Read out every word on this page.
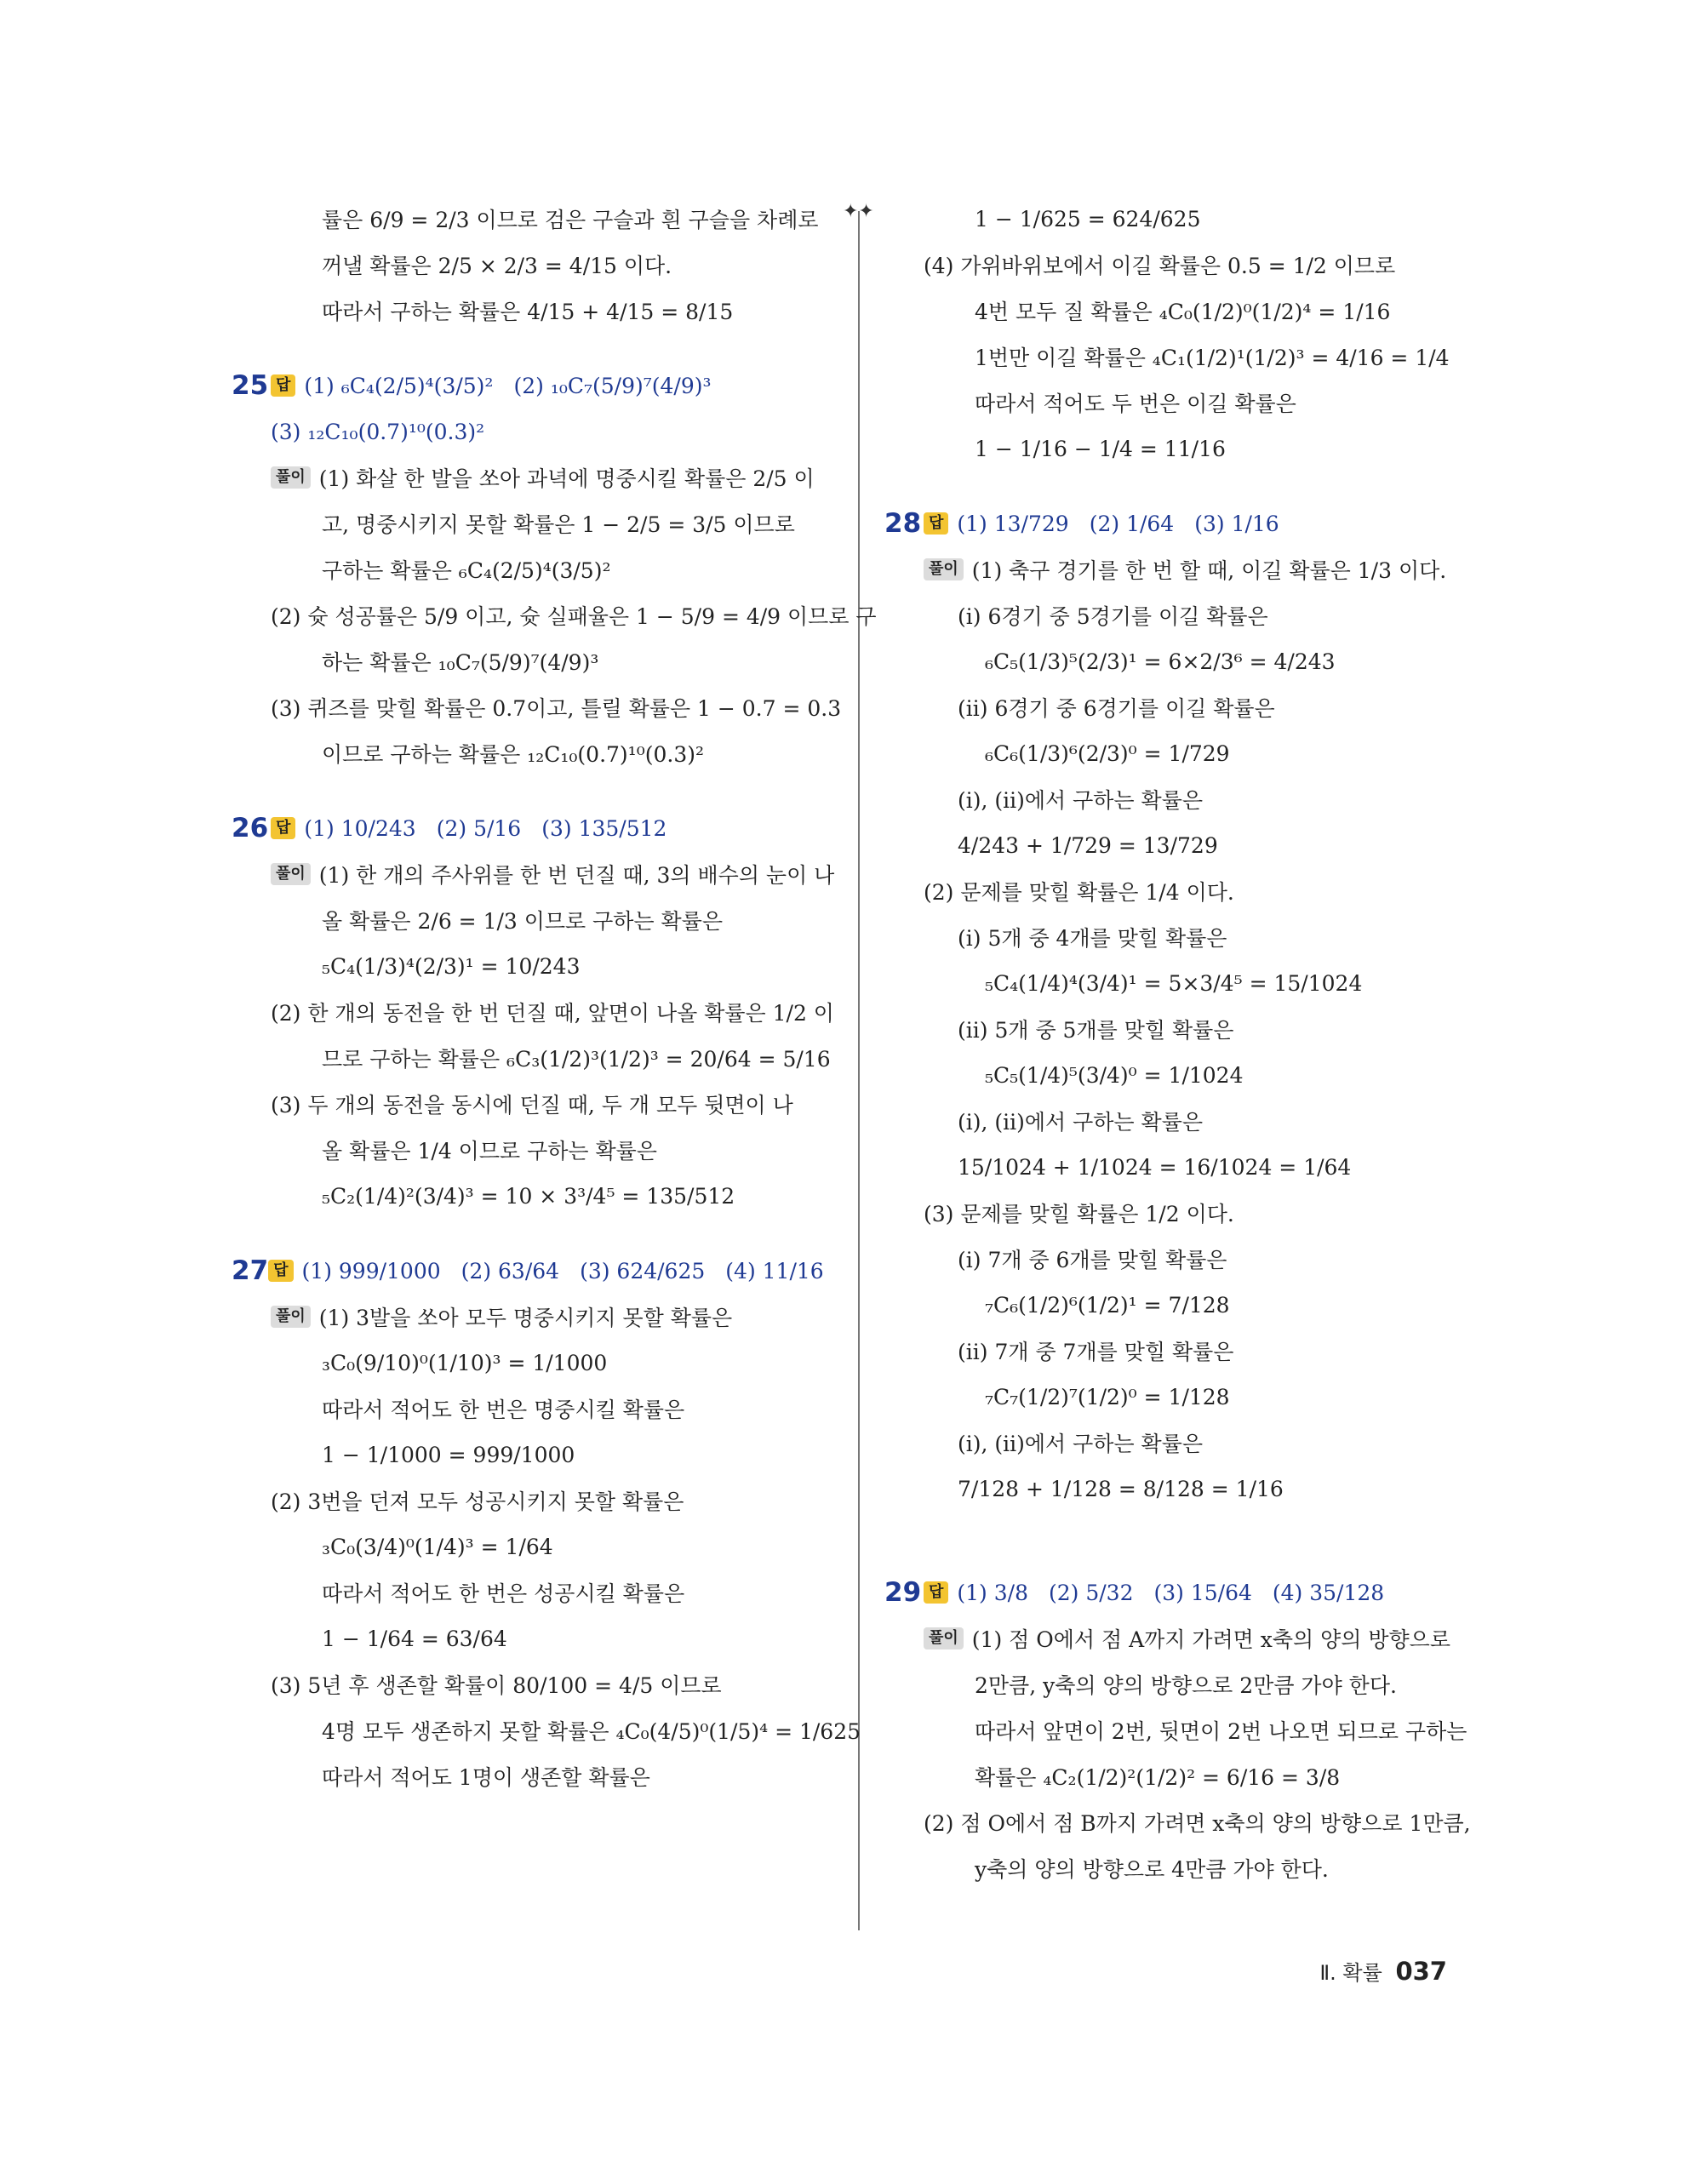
✦✦
률은 6/9 = 2/3 이므로 검은 구슬과 흰 구슬을 차례로
꺼낼 확률은 2/5 × 2/3 = 4/15 이다.
따라서 구하는 확률은 4/15 + 4/15 = 8/15
25 답 (1) ₆C₄(2/5)⁴(3/5)² (2) ₁₀C₇(5/9)⁷(4/9)³
(3) ₁₂C₁₀(0.7)¹⁰(0.3)²
풀이 (1) 화살 한 발을 쏘아 과녁에 명중시킬 확률은 2/5 이
고, 명중시키지 못할 확률은 1 − 2/5 = 3/5 이므로
구하는 확률은 ₆C₄(2/5)⁴(3/5)²
(2) 슛 성공률은 5/9 이고, 슛 실패율은 1 − 5/9 = 4/9 이므로 구
하는 확률은 ₁₀C₇(5/9)⁷(4/9)³
(3) 퀴즈를 맞힐 확률은 0.7이고, 틀릴 확률은 1 − 0.7 = 0.3
이므로 구하는 확률은 ₁₂C₁₀(0.7)¹⁰(0.3)²
26 답 (1) 10/243 (2) 5/16 (3) 135/512
풀이 (1) 한 개의 주사위를 한 번 던질 때, 3의 배수의 눈이 나
올 확률은 2/6 = 1/3 이므로 구하는 확률은
₅C₄(1/3)⁴(2/3)¹ = 10/243
(2) 한 개의 동전을 한 번 던질 때, 앞면이 나올 확률은 1/2 이
므로 구하는 확률은 ₆C₃(1/2)³(1/2)³ = 20/64 = 5/16
(3) 두 개의 동전을 동시에 던질 때, 두 개 모두 뒷면이 나
올 확률은 1/4 이므로 구하는 확률은
₅C₂(1/4)²(3/4)³ = 10 × 3³/4⁵ = 135/512
27 답 (1) 999/1000 (2) 63/64 (3) 624/625 (4) 11/16
풀이 (1) 3발을 쏘아 모두 명중시키지 못할 확률은
₃C₀(9/10)⁰(1/10)³ = 1/1000
따라서 적어도 한 번은 명중시킬 확률은
1 − 1/1000 = 999/1000
(2) 3번을 던져 모두 성공시키지 못할 확률은
₃C₀(3/4)⁰(1/4)³ = 1/64
따라서 적어도 한 번은 성공시킬 확률은
1 − 1/64 = 63/64
(3) 5년 후 생존할 확률이 80/100 = 4/5 이므로
4명 모두 생존하지 못할 확률은 ₄C₀(4/5)⁰(1/5)⁴ = 1/625
따라서 적어도 1명이 생존할 확률은
1 − 1/625 = 624/625
(4) 가위바위보에서 이길 확률은 0.5 = 1/2 이므로
4번 모두 질 확률은 ₄C₀(1/2)⁰(1/2)⁴ = 1/16
1번만 이길 확률은 ₄C₁(1/2)¹(1/2)³ = 4/16 = 1/4
따라서 적어도 두 번은 이길 확률은
1 − 1/16 − 1/4 = 11/16
28 답 (1) 13/729 (2) 1/64 (3) 1/16
풀이 (1) 축구 경기를 한 번 할 때, 이길 확률은 1/3 이다.
(i) 6경기 중 5경기를 이길 확률은
₆C₅(1/3)⁵(2/3)¹ = 6×2/3⁶ = 4/243
(ii) 6경기 중 6경기를 이길 확률은
₆C₆(1/3)⁶(2/3)⁰ = 1/729
(i), (ii)에서 구하는 확률은
4/243 + 1/729 = 13/729
(2) 문제를 맞힐 확률은 1/4 이다.
(i) 5개 중 4개를 맞힐 확률은
₅C₄(1/4)⁴(3/4)¹ = 5×3/4⁵ = 15/1024
(ii) 5개 중 5개를 맞힐 확률은
₅C₅(1/4)⁵(3/4)⁰ = 1/1024
(i), (ii)에서 구하는 확률은
15/1024 + 1/1024 = 16/1024 = 1/64
(3) 문제를 맞힐 확률은 1/2 이다.
(i) 7개 중 6개를 맞힐 확률은
₇C₆(1/2)⁶(1/2)¹ = 7/128
(ii) 7개 중 7개를 맞힐 확률은
₇C₇(1/2)⁷(1/2)⁰ = 1/128
(i), (ii)에서 구하는 확률은
7/128 + 1/128 = 8/128 = 1/16
29 답 (1) 3/8 (2) 5/32 (3) 15/64 (4) 35/128
풀이 (1) 점 O에서 점 A까지 가려면 x축의 양의 방향으로
2만큼, y축의 양의 방향으로 2만큼 가야 한다.
따라서 앞면이 2번, 뒷면이 2번 나오면 되므로 구하는
확률은 ₄C₂(1/2)²(1/2)² = 6/16 = 3/8
(2) 점 O에서 점 B까지 가려면 x축의 양의 방향으로 1만큼,
y축의 양의 방향으로 4만큼 가야 한다.
Ⅱ. 확률 037
